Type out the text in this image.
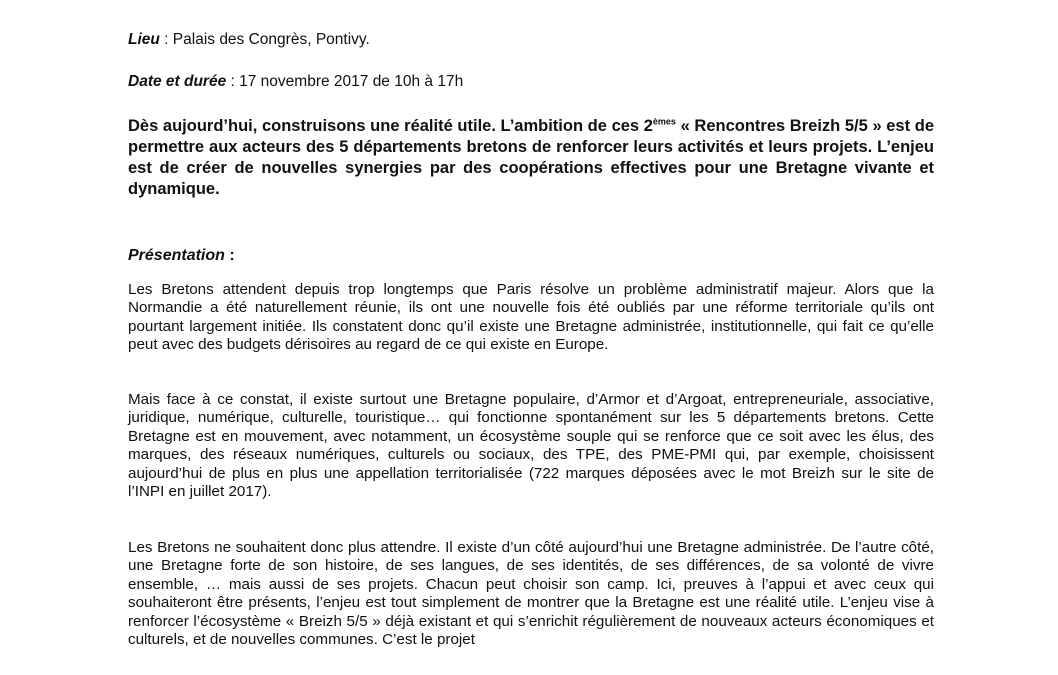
Lieu : Palais des Congrès, Pontivy.
Date et durée : 17 novembre 2017 de 10h à 17h

Dès aujourd’hui, construisons une réalité utile. L’ambition de ces 2èmes « Rencontres Breizh 5/5 » est de permettre aux acteurs des 5 départements bretons de renforcer leurs activités et leurs projets. L’enjeu est de créer de nouvelles synergies par des coopérations effectives pour une Bretagne vivante et dynamique.

Présentation :

Les Bretons attendent depuis trop longtemps que Paris résolve un problème administratif majeur. Alors que la Normandie a été naturellement réunie, ils ont une nouvelle fois été oubliés par une réforme territoriale qu’ils ont pourtant largement initiée. Ils constatent donc qu’il existe une Bretagne administrée, institutionnelle, qui fait ce qu’elle peut avec des budgets dérisoires au regard de ce qui existe en Europe.

Mais face à ce constat, il existe surtout une Bretagne populaire, d’Armor et d’Argoat, entrepreneuriale, associative, juridique, numérique, culturelle, touristique… qui fonctionne spontanément sur les 5 départements bretons. Cette Bretagne est en mouvement, avec notamment, un écosystème souple qui se renforce que ce soit avec les élus, des marques, des réseaux numériques, culturels ou sociaux, des TPE, des PME-PMI qui, par exemple, choisissent aujourd’hui de plus en plus une appellation territorialisée (722 marques déposées avec le mot Breizh sur le site de l’INPI en juillet 2017).

Les Bretons ne souhaitent donc plus attendre. Il existe d’un côté aujourd’hui une Bretagne administrée. De l’autre côté, une Bretagne forte de son histoire, de ses langues, de ses identités, de ses différences, de sa volonté de vivre ensemble, … mais aussi de ses projets. Chacun peut choisir son camp. Ici, preuves à l’appui et avec ceux qui souhaiteront être présents, l’enjeu est tout simplement de montrer que la Bretagne est une réalité utile. L’enjeu vise à renforcer l’écosystème « Breizh 5/5 » déjà existant et qui s’enrichit régulièrement de nouveaux acteurs économiques et culturels, et de nouvelles communes. C’est le projet
